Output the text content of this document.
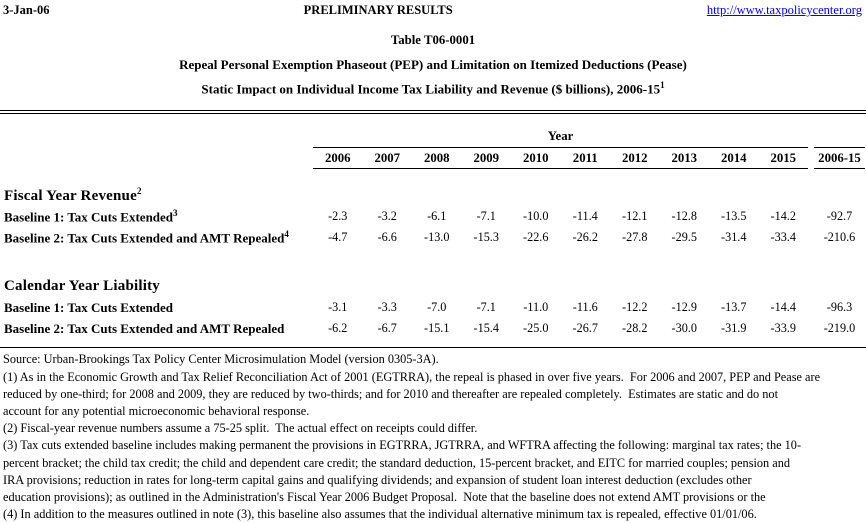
3-Jan-06	PRELIMINARY RESULTS	http://www.taxpolicycenter.org
Table T06-0001
Repeal Personal Exemption Phaseout (PEP) and Limitation on Itemized Deductions (Pease)
Static Impact on Individual Income Tax Liability and Revenue ($ billions), $2006-15^1$
Year
2006	2007	2008	2009	2010	2011	2012	2013	2014	2015	2006-15
Fiscal Year Revenue$^2$
Baseline 1: Tax Cuts Extended$^3$	-2.3	-3.2	-6.1	-7.1	-10.0	-11.4	-12.1	-12.8	-13.5	-14.2	-92.7
Baseline 2: Tax Cuts Extended and AMT Repealed$^4$	-4.7	-6.6	-13.0	-15.3	-22.6	-26.2	-27.8	-29.5	-31.4	-33.4	-210.6
Calendar Year Liability
Baseline 1: Tax Cuts Extended	-3.1	-3.3	-7.0	-7.1	-11.0	-11.6	-12.2	-12.9	-13.7	-14.4	-96.3
Baseline 2: Tax Cuts Extended and AMT Repealed	-6.2	-6.7	-15.1	-15.4	-25.0	-26.7	-28.2	-30.0	-31.9	-33.9	-219.0
Source: Urban-Brookings Tax Policy Center Microsimulation Model (version 0305-3A).
(1) As in the Economic Growth and Tax Relief Reconciliation Act of 2001 (EGTRRA), the repeal is phased in over five years.  For 2006 and 2007, PEP and Pease are
reduced by one-third; for 2008 and 2009, they are reduced by two-thirds; and for 2010 and thereafter are repealed completely.  Estimates are static and do not
account for any potential microeconomic behavioral response.
(2) Fiscal-year revenue numbers assume a 75-25 split.  The actual effect on receipts could differ.
(3) Tax cuts extended baseline includes making permanent the provisions in EGTRRA, JGTRRA, and WFTRA affecting the following: marginal tax rates; the 10-
percent bracket; the child tax credit; the child and dependent care credit; the standard deduction, 15-percent bracket, and EITC for married couples; pension and
IRA provisions; reduction in rates for long-term capital gains and qualifying dividends; and expansion of student loan interest deduction (excludes other
education provisions); as outlined in the Administration's Fiscal Year 2006 Budget Proposal.  Note that the baseline does not extend AMT provisions or the
(4) In addition to the measures outlined in note (3), this baseline also assumes that the individual alternative minimum tax is repealed, effective 01/01/06.
